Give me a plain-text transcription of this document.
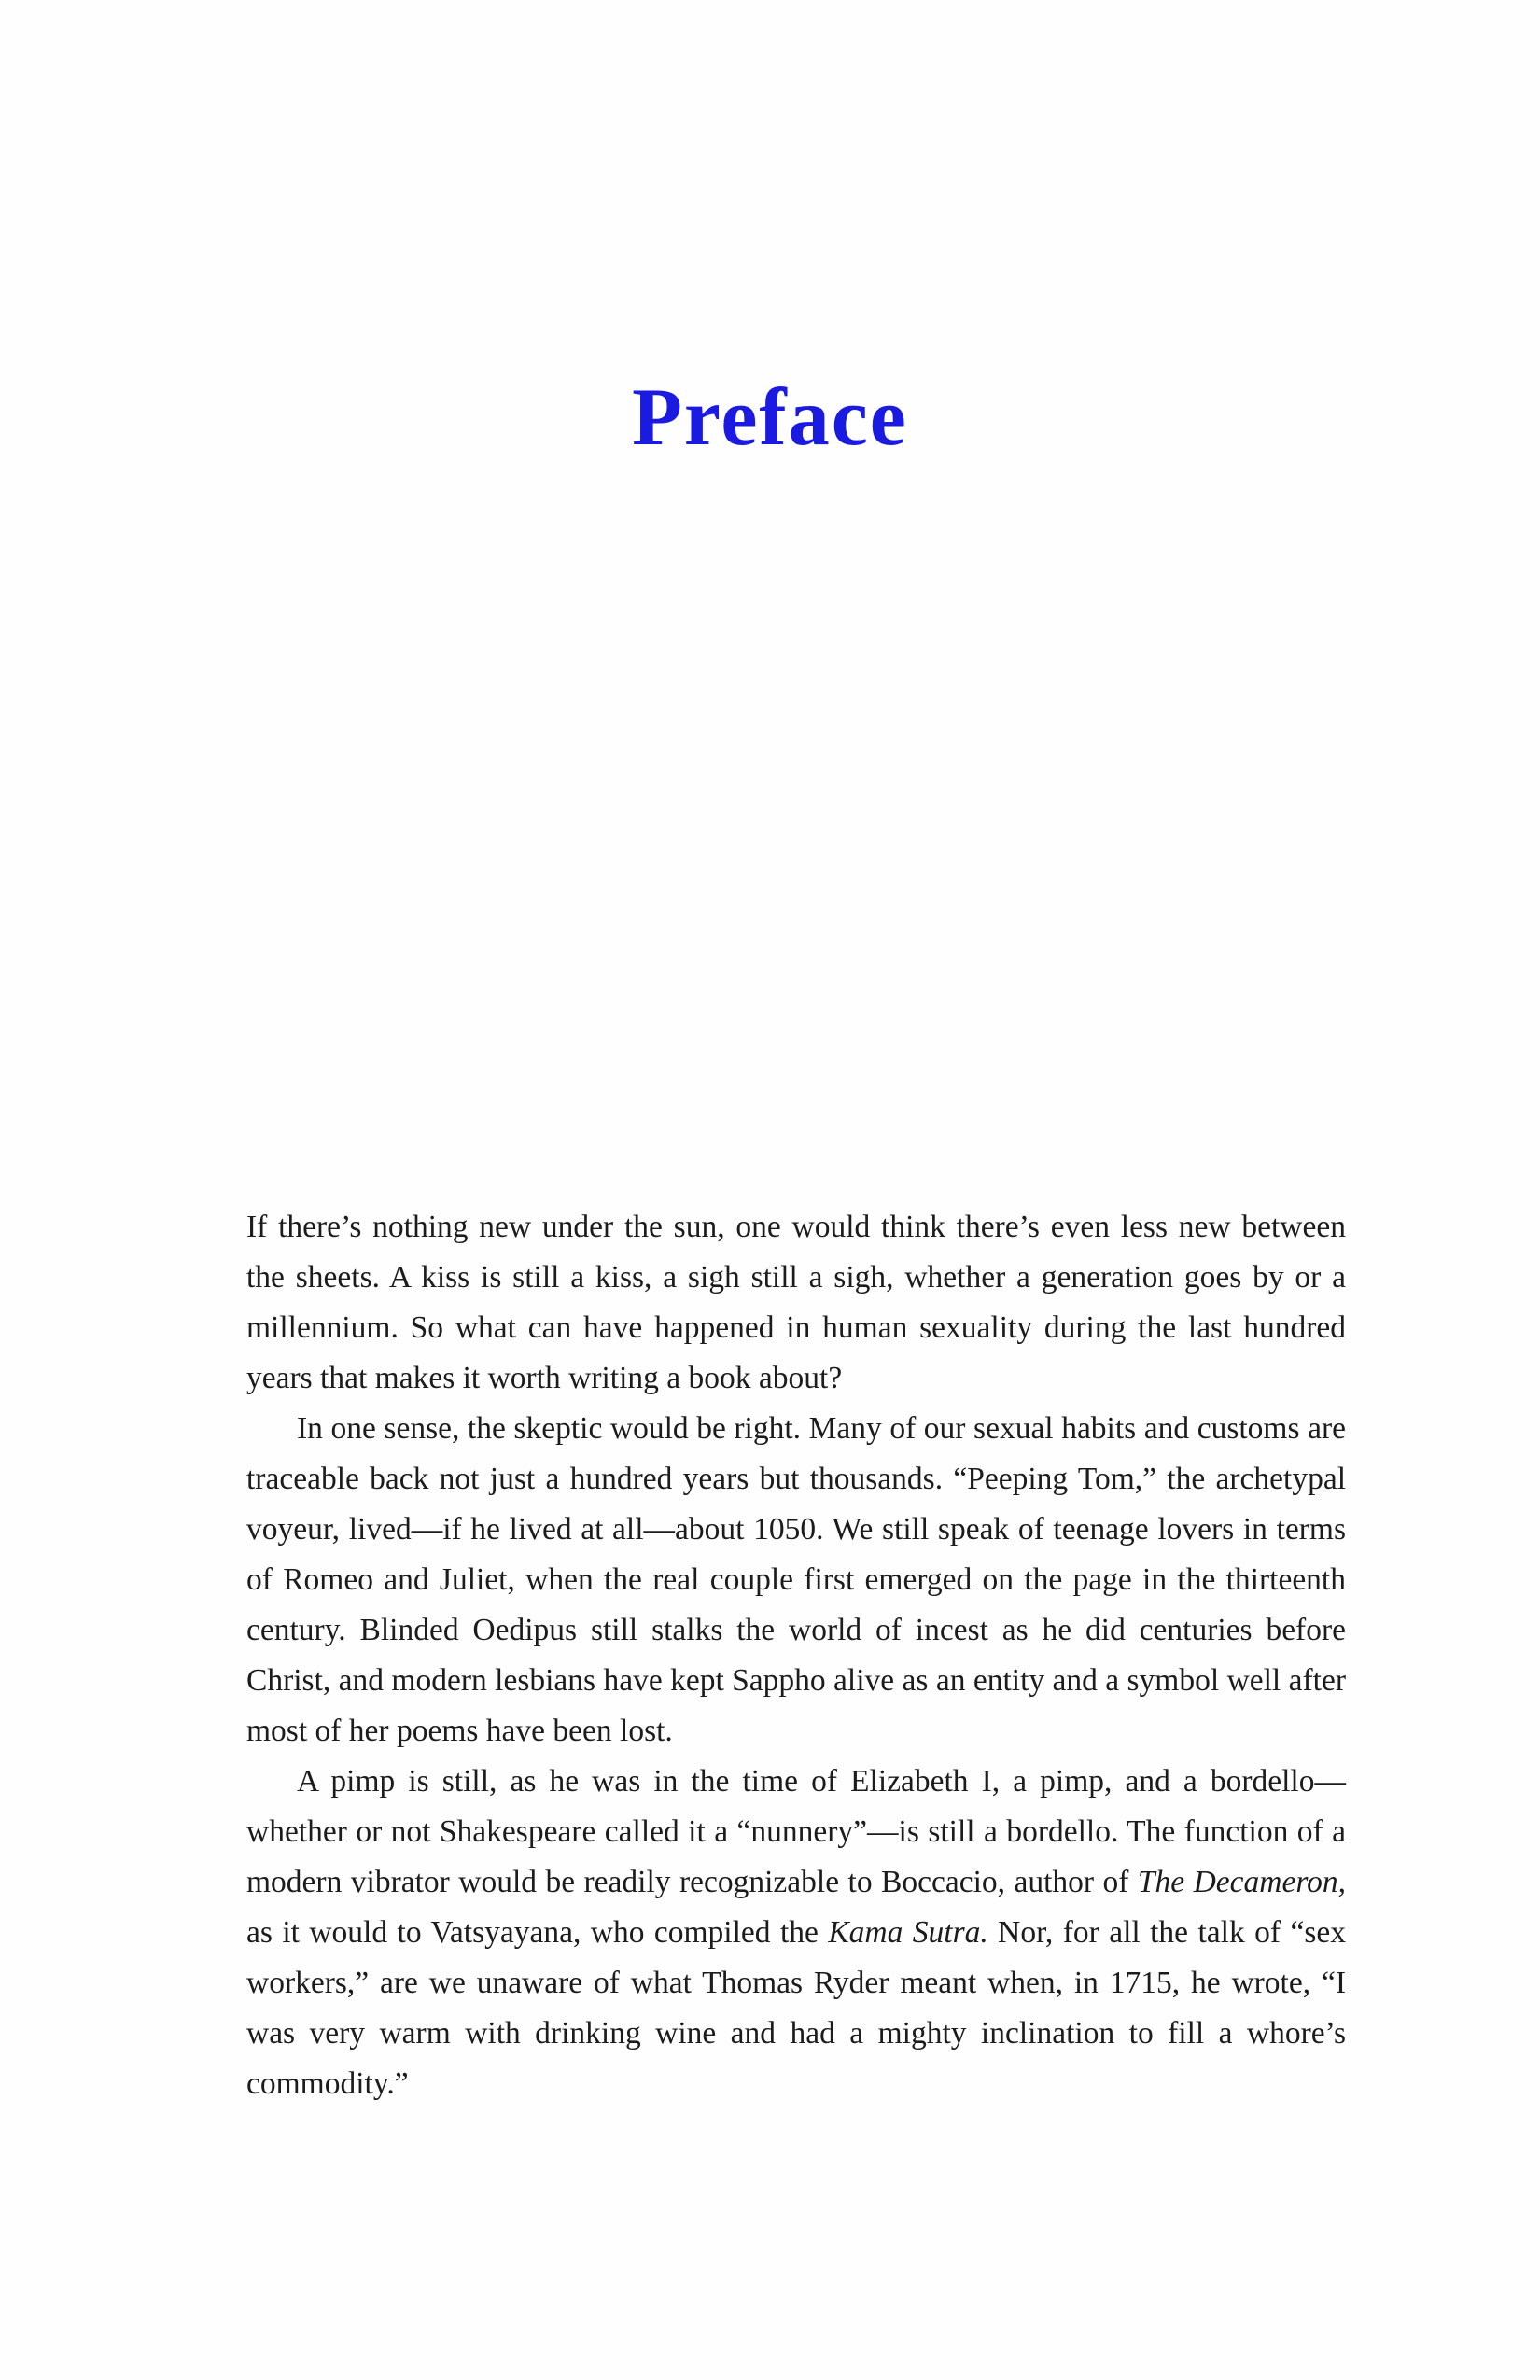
Preface

If there’s nothing new under the sun, one would think there’s even less new between the sheets. A kiss is still a kiss, a sigh still a sigh, whether a generation goes by or a millennium. So what can have happened in human sexuality during the last hundred years that makes it worth writing a book about?

In one sense, the skeptic would be right. Many of our sexual habits and customs are traceable back not just a hundred years but thousands. “Peeping Tom,” the archetypal voyeur, lived—if he lived at all—about 1050. We still speak of teenage lovers in terms of Romeo and Juliet, when the real couple first emerged on the page in the thirteenth century. Blinded Oedipus still stalks the world of incest as he did centuries before Christ, and modern lesbians have kept Sappho alive as an entity and a symbol well after most of her poems have been lost.

A pimp is still, as he was in the time of Elizabeth I, a pimp, and a bordello—whether or not Shakespeare called it a “nunnery”—is still a bordello. The function of a modern vibrator would be readily recognizable to Boccacio, author of The Decameron, as it would to Vatsyayana, who compiled the Kama Sutra. Nor, for all the talk of “sex workers,” are we unaware of what Thomas Ryder meant when, in 1715, he wrote, “I was very warm with drinking wine and had a mighty inclination to fill a whore’s commodity.”
